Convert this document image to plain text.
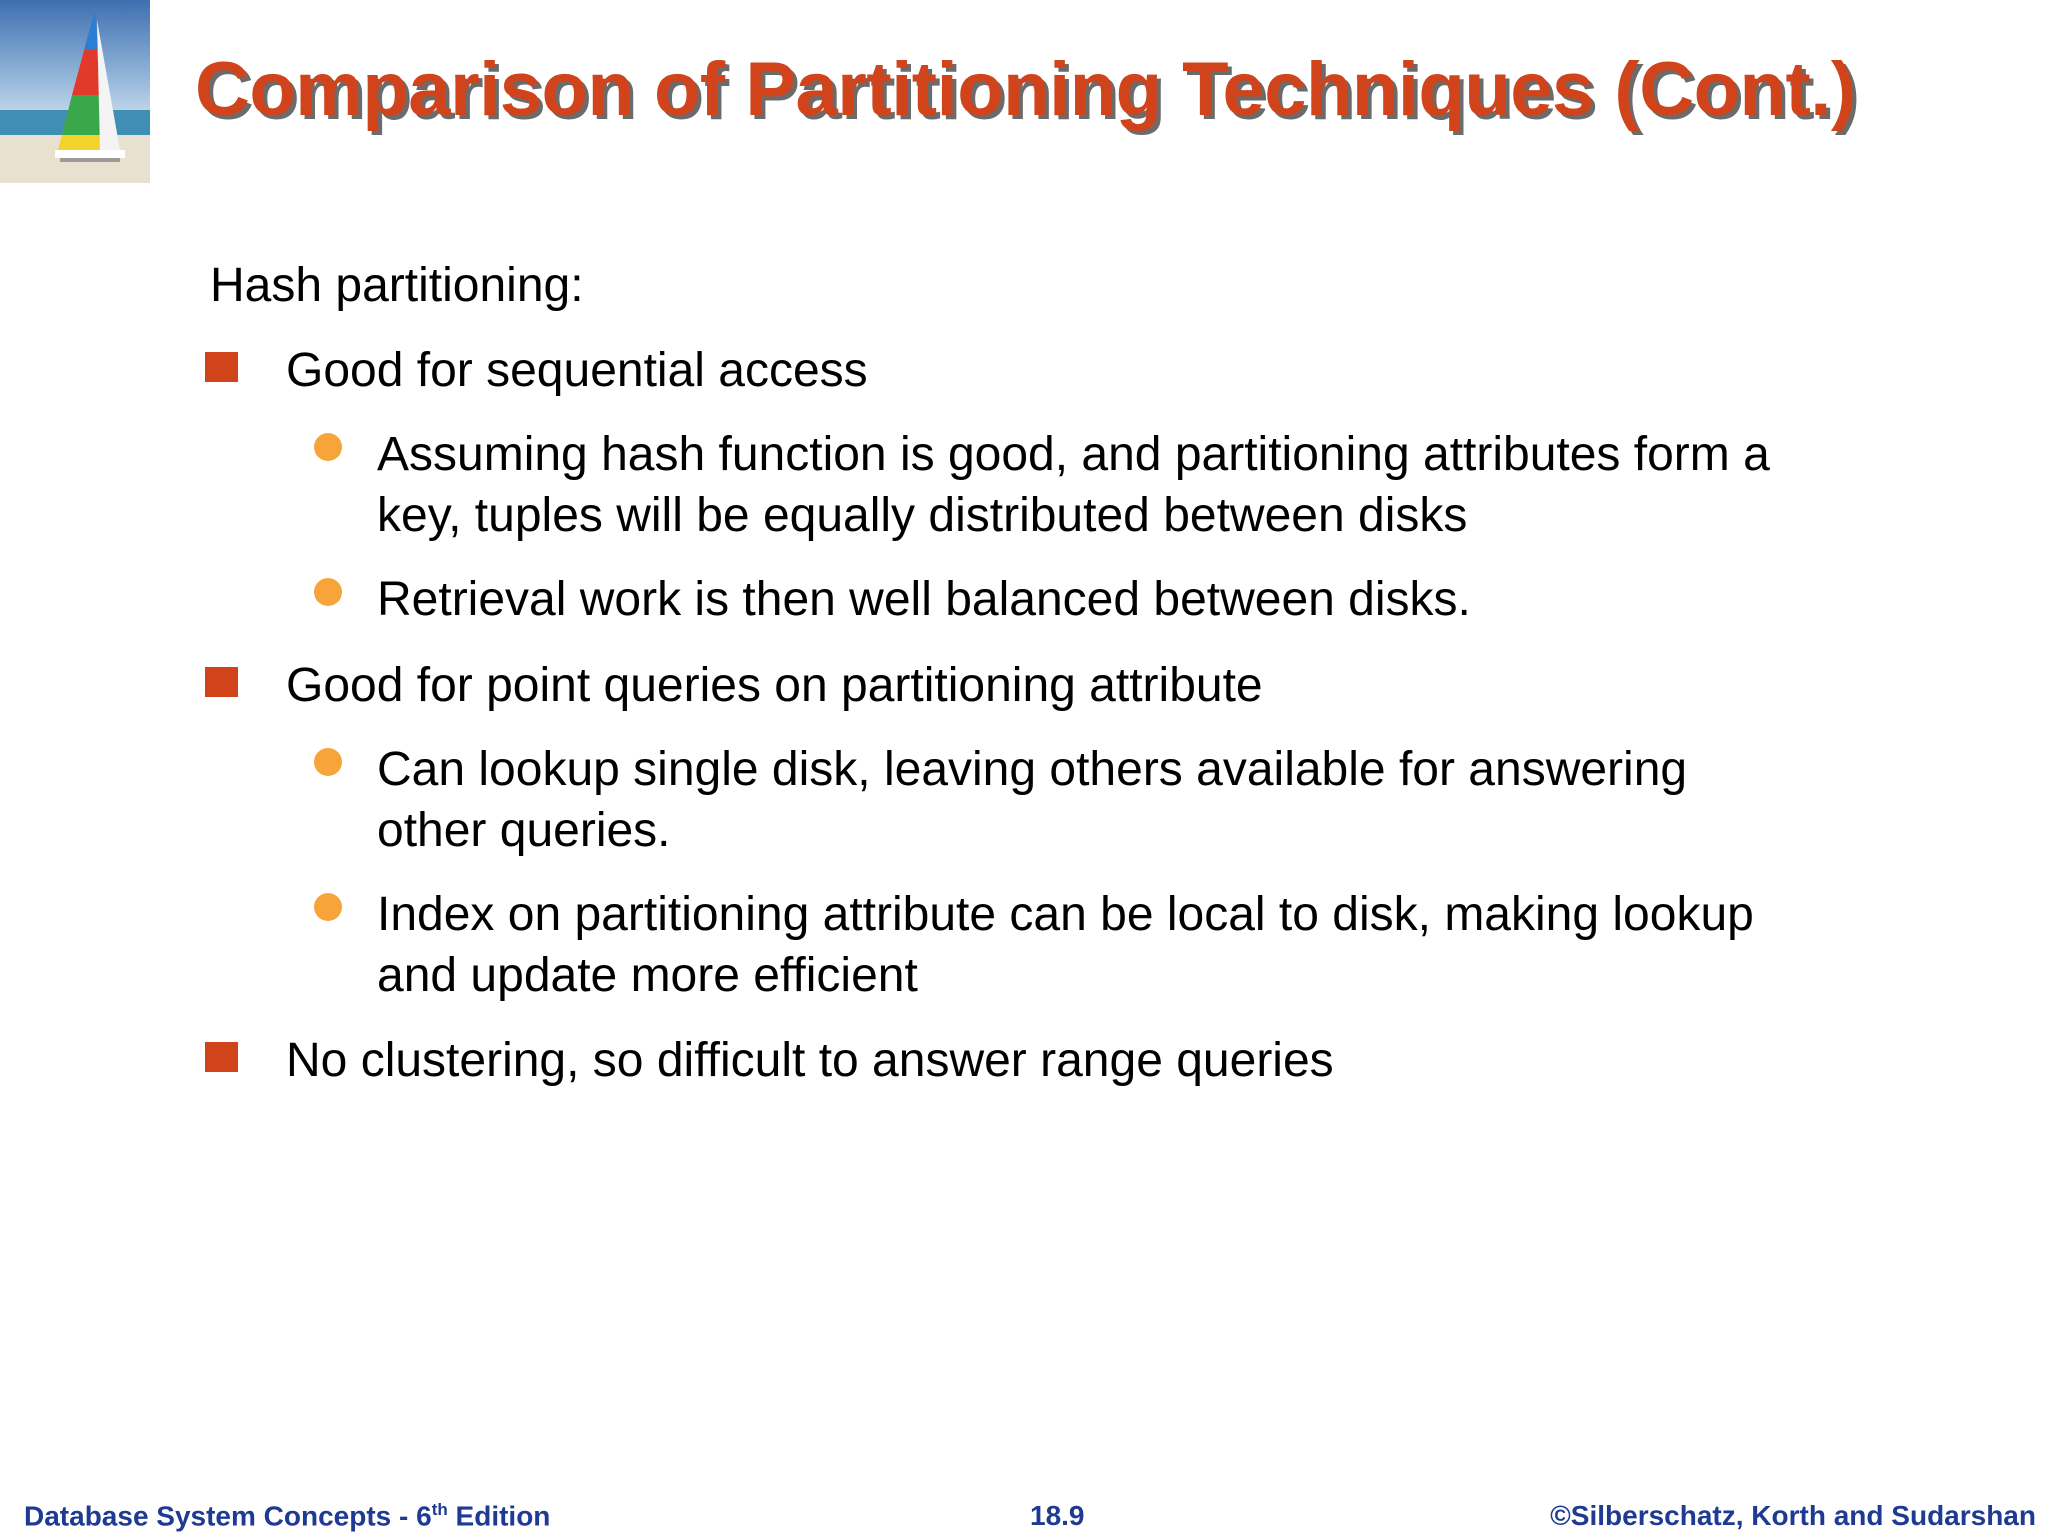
Comparison of Partitioning Techniques (Cont.)
Hash partitioning:
Good for sequential access
Assuming hash function is good, and partitioning attributes form a
key, tuples will be equally distributed between disks
Retrieval work is then well balanced between disks.
Good for point queries on partitioning attribute
Can lookup single disk, leaving others available for answering
other queries.
Index on partitioning attribute can be local to disk, making lookup
and update more efficient
No clustering, so difficult to answer range queries
Database System Concepts - 6th Edition	18.9	©Silberschatz, Korth and Sudarshan
